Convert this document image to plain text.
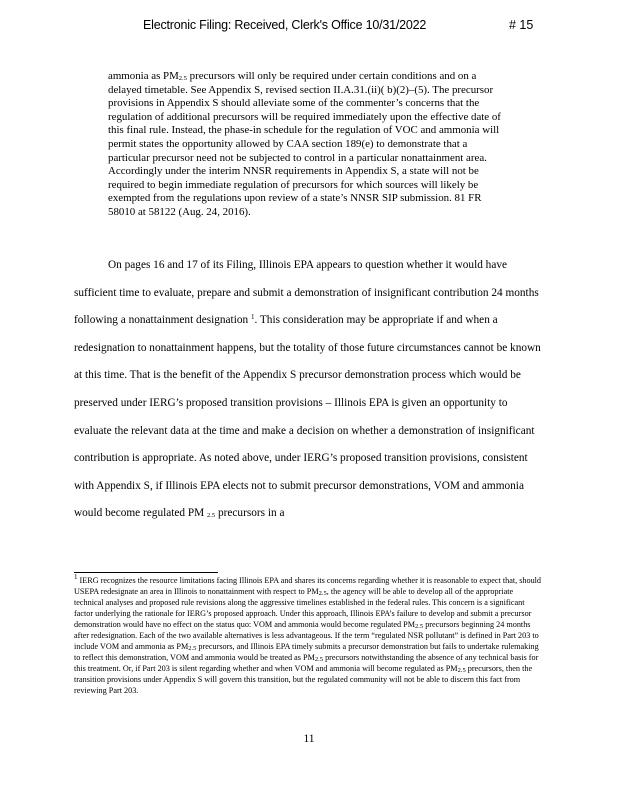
Electronic Filing: Received, Clerk's Office 10/31/2022	# 15

ammonia as $PM_{2.5}$ precursors will only be required under certain conditions and on a delayed timetable. See Appendix S, revised section II.A.31.(ii)( b)(2)–(5). The precursor provisions in Appendix S should alleviate some of the commenter’s concerns that the regulation of additional precursors will be required immediately upon the effective date of this final rule. Instead, the phase-in schedule for the regulation of VOC and ammonia will permit states the opportunity allowed by CAA section 189(e) to demonstrate that a particular precursor need not be subjected to control in a particular nonattainment area. Accordingly under the interim NNSR requirements in Appendix S, a state will not be required to begin immediate regulation of precursors for which sources will likely be exempted from the regulations upon review of a state’s NNSR SIP submission. 81 FR 58010 at 58122 (Aug. 24, 2016).

On pages 16 and 17 of its Filing, Illinois EPA appears to question whether it would have sufficient time to evaluate, prepare and submit a demonstration of insignificant contribution 24 months following a nonattainment designation $^1$. This consideration may be appropriate if and when a redesignation to nonattainment happens, but the totality of those future circumstances cannot be known at this time. That is the benefit of the Appendix S precursor demonstration process which would be preserved under IERG’s proposed transition provisions – Illinois EPA is given an opportunity to evaluate the relevant data at the time and make a decision on whether a demonstration of insignificant contribution is appropriate. As noted above, under IERG’s proposed transition provisions, consistent with Appendix S, if Illinois EPA elects not to submit precursor demonstrations, VOM and ammonia would become regulated PM $_{2.5}$ precursors in a

$^1$ IERG recognizes the resource limitations facing Illinois EPA and shares its concerns regarding whether it is reasonable to expect that, should USEPA redesignate an area in Illinois to nonattainment with respect to $PM_{2.5}$, the agency will be able to develop all of the appropriate technical analyses and proposed rule revisions along the aggressive timelines established in the federal rules. This concern is a significant factor underlying the rationale for IERG’s proposed approach. Under this approach, Illinois EPA’s failure to develop and submit a precursor demonstration would have no effect on the status quo: VOM and ammonia would become regulated $PM_{2.5}$ precursors beginning 24 months after redesignation. Each of the two available alternatives is less advantageous. If the term “regulated NSR pollutant” is defined in Part 203 to include VOM and ammonia as $PM_{2.5}$ precursors, and Illinois EPA timely submits a precursor demonstration but fails to undertake rulemaking to reflect this demonstration, VOM and ammonia would be treated as $PM_{2.5}$ precursors notwithstanding the absence of any technical basis for this treatment. Or, if Part 203 is silent regarding whether and when VOM and ammonia will become regulated as $PM_{2.5}$ precursors, then the transition provisions under Appendix S will govern this transition, but the regulated community will not be able to discern this fact from reviewing Part 203.

11
